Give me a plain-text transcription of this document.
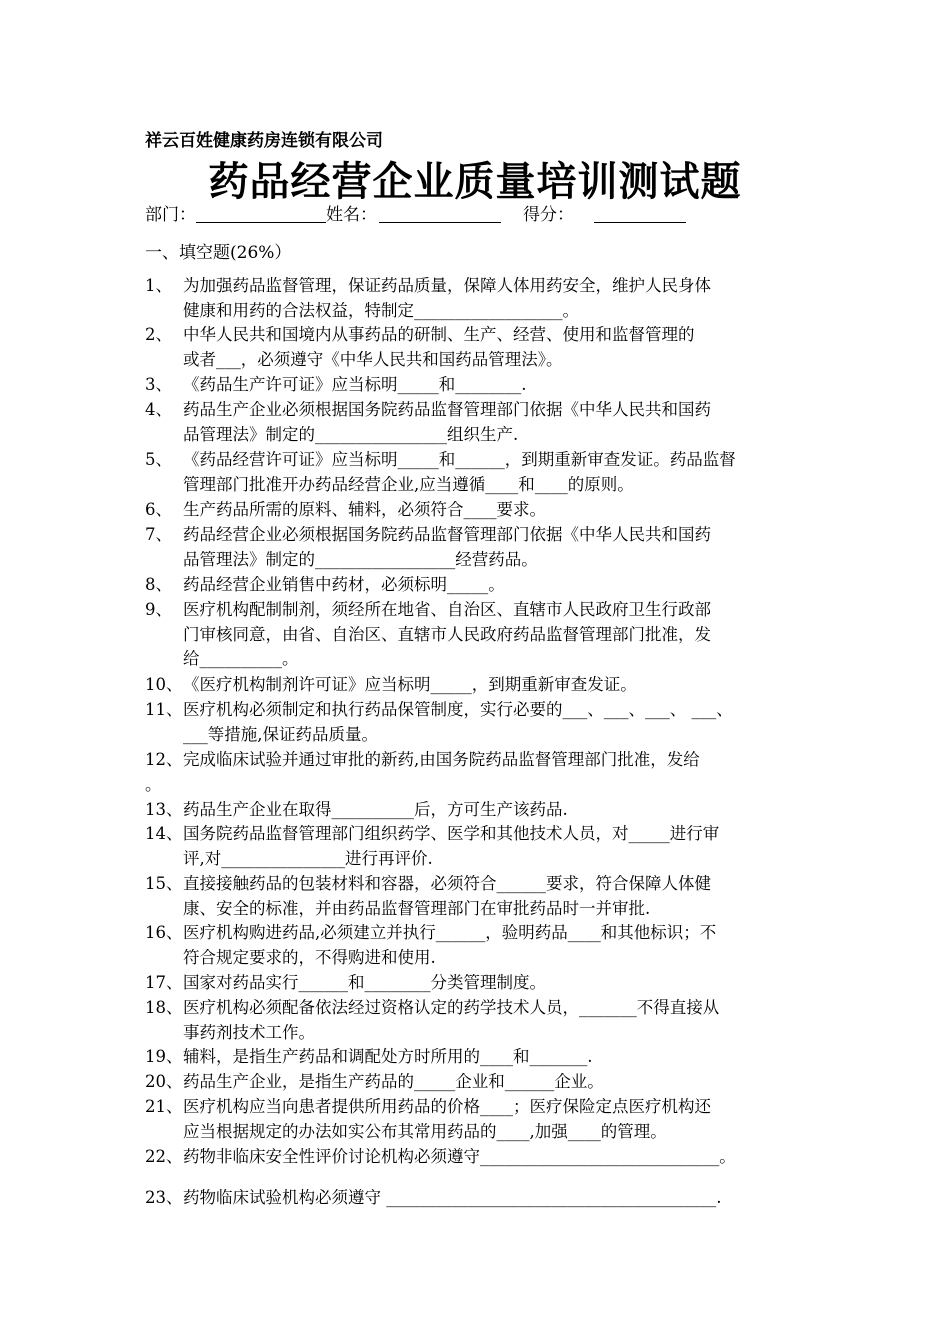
祥云百姓健康药房连锁有限公司
药品经营企业质量培训测试题
部门：	姓名：	得分：
一、填空题(26%）
1、 为加强药品监督管理，保证药品质量，保障人体用药安全，维护人民身体
健康和用药的合法权益，特制定__________________。
2、 中华人民共和国境内从事药品的研制、生产、经营、使用和监督管理的
或者___，必须遵守《中华人民共和国药品管理法》。
3、 《药品生产许可证》应当标明_____和________.
4、 药品生产企业必须根据国务院药品监督管理部门依据《中华人民共和国药
品管理法》制定的________________组织生产.
5、 《药品经营许可证》应当标明_____和______，到期重新审查发证。药品监督
管理部门批准开办药品经营企业,应当遵循____和____的原则。
6、 生产药品所需的原料、辅料，必须符合____要求。
7、 药品经营企业必须根据国务院药品监督管理部门依据《中华人民共和国药
品管理法》制定的_________________经营药品。
8、 药品经营企业销售中药材，必须标明_____。
9、 医疗机构配制制剂，须经所在地省、自治区、直辖市人民政府卫生行政部
门审核同意，由省、自治区、直辖市人民政府药品监督管理部门批准，发
给__________。
10、 《医疗机构制剂许可证》应当标明_____，到期重新审查发证。
11、 医疗机构必须制定和执行药品保管制度，实行必要的___、___、___、 ___、
___等措施,保证药品质量。
12、 完成临床试验并通过审批的新药,由国务院药品监督管理部门批准，发给
。
13、 药品生产企业在取得__________后，方可生产该药品.
14、 国务院药品监督管理部门组织药学、医学和其他技术人员，对_____进行审
评,对_______________进行再评价.
15、 直接接触药品的包装材料和容器，必须符合______要求，符合保障人体健
康、安全的标准，并由药品监督管理部门在审批药品时一并审批.
16、 医疗机构购进药品,必须建立并执行______，验明药品____和其他标识；不
符合规定要求的，不得购进和使用.
17、 国家对药品实行______和________分类管理制度。
18、 医疗机构必须配备依法经过资格认定的药学技术人员，_______不得直接从
事药剂技术工作。
19、 辅料，是指生产药品和调配处方时所用的____和_______.
20、 药品生产企业，是指生产药品的_____企业和______企业。
21、 医疗机构应当向患者提供所用药品的价格____；医疗保险定点医疗机构还
应当根据规定的办法如实公布其常用药品的____,加强____的管理。
22、 药物非临床安全性评价讨论机构必须遵守_____________________________。
23、 药物临床试验机构必须遵守 ________________________________________.
